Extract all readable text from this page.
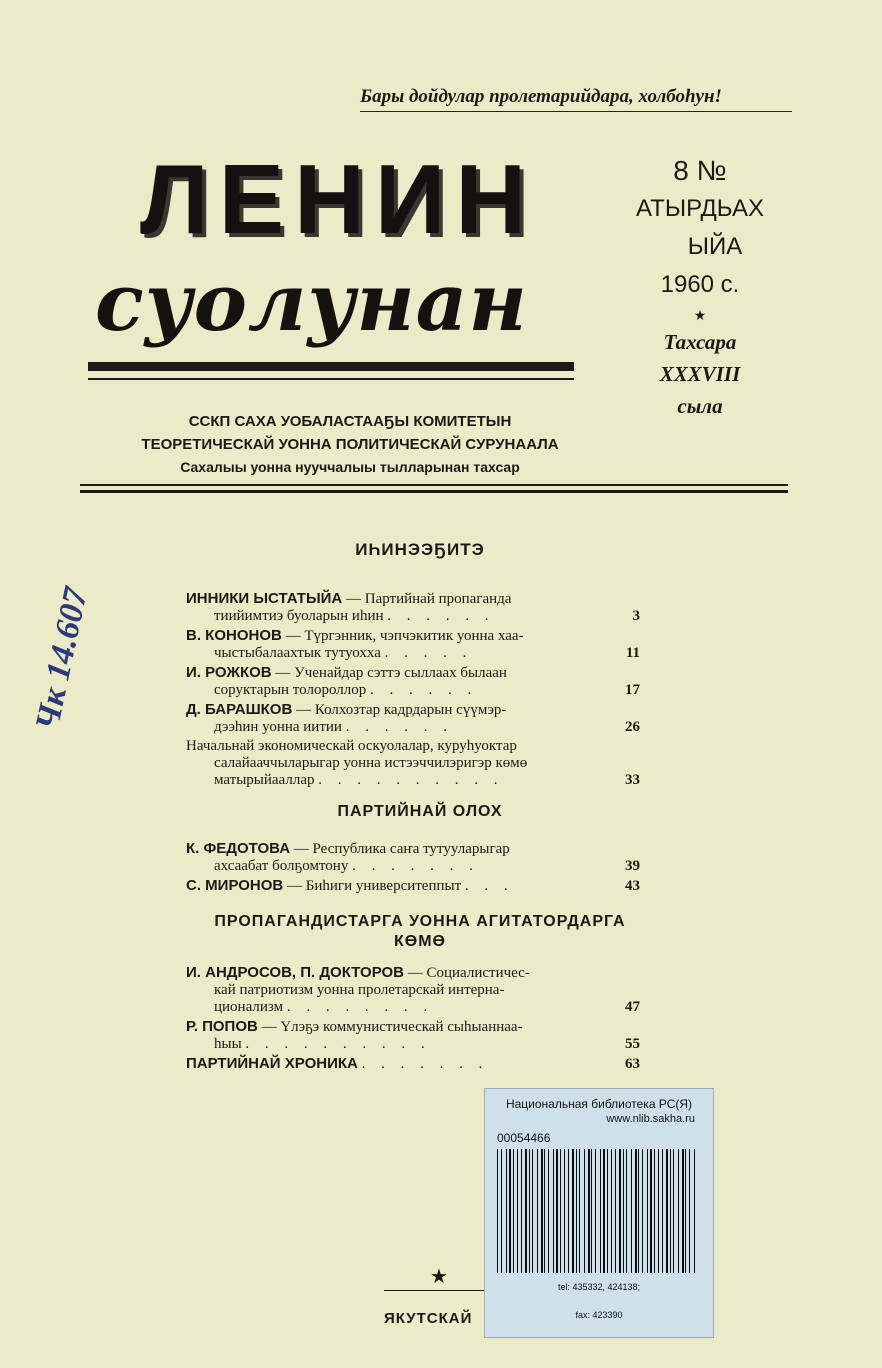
Бары дойдулар пролетарийдара, холбоһун!
ЛЕНИН
суолунан
8 №
АТЫРДЬАХ
ЫЙА
1960 с.
★
Тахсара
XXXVIII
сыла
ССКП САХА УОБАЛАСТААҔЫ КОМИТЕТЫН
ТЕОРЕТИЧЕСКАЙ УОННА ПОЛИТИЧЕСКАЙ СУРУНААЛА
Сахалыы уонна нууччалыы тылларынан тахсар
ИҺИНЭЭҔИТЭ
ИННИКИ ЫСТАТЫЙА — Партийнай пропаганда
тиийимтиэ буоларын иһин . . . . . .	3
В. КОНОНОВ — Түргэнник, чэпчэкитик уонна хаа-
чыстыбалаахтык тутуохха . . . . .	11
И. РОЖКОВ — Ученайдар сэттэ сыллаах былаан
соруктарын толороллор . . . . . .	17
Д. БАРАШКОВ — Колхозтар кадрдарын сүүмэр-
дээһин уонна иитии . . . . . .	26
Начальнай экономическай оскуолалар, куруһуоктар
салайааччыларыгар уонна истээччилэригэр көмө
матырыйааллар . . . . . . . . . .	33
ПАРТИЙНАЙ ОЛОХ
К. ФЕДОТОВА — Республика саҥа тутууларыгар
ахсаабат болҕомтону . . . . . . .	39
С. МИРОНОВ — Биһиги университеппыт . . .	43
ПРОПАГАНДИСТАРГА УОННА АГИТАТОРДАРГА
КӨМӨ
И. АНДРОСОВ, П. ДОКТОРОВ — Социалистичес-
кай патриотизм уонна пролетарскай интерна-
ционализм . . . . . . . .	47
Р. ПОПОВ — Үлэҕэ коммунистическай сыһыаннаа-
һыы . . . . . . . . . .	55
ПАРТИЙНАЙ ХРОНИКА . . . . . . .	63
Чк 14.607
Национальная библиотека РС(Я)
www.nlib.sakha.ru
00054466
tel: 435332, 424138;
fax: 423390
★
ЯКУТСКАЙ
